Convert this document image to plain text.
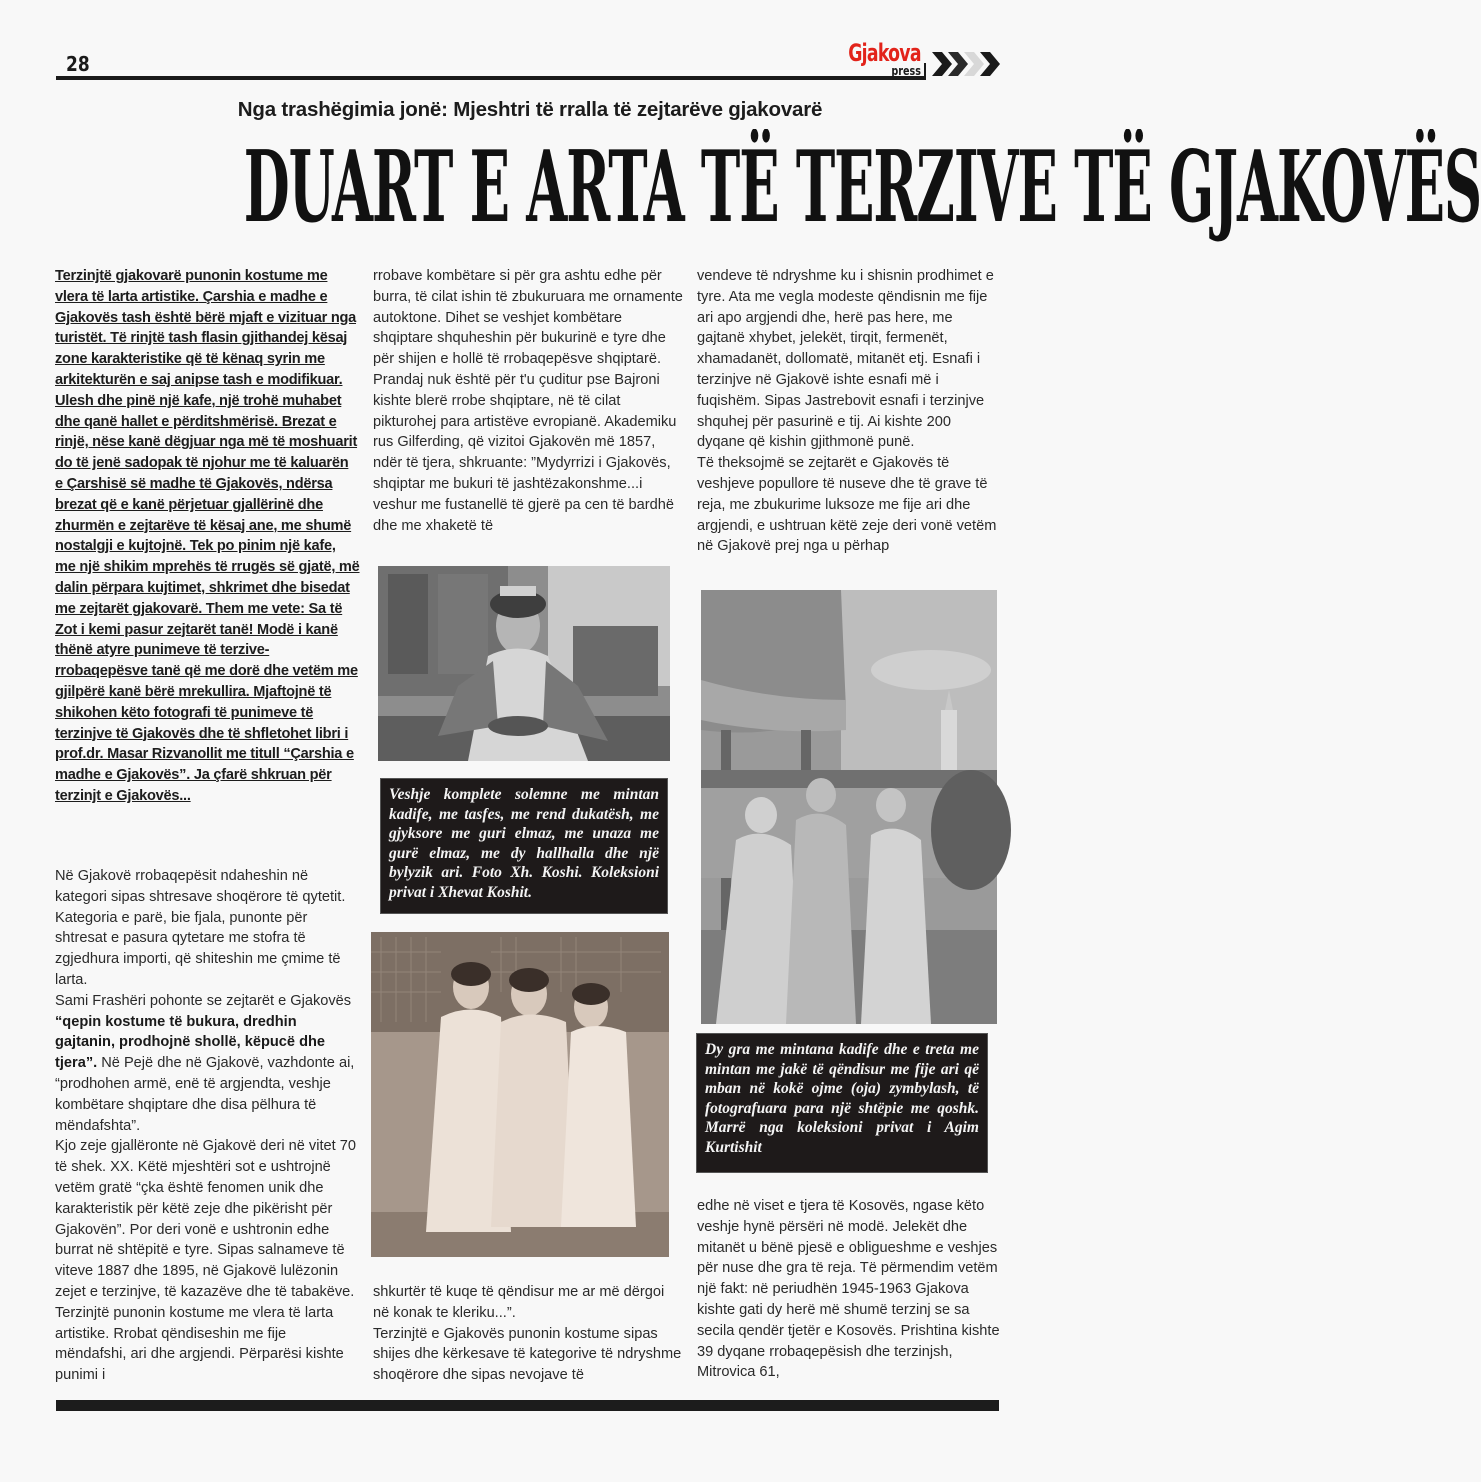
28	Gjakova
press
Nga trashëgimia jonë: Mjeshtri të rralla të zejtarëve gjakovarë
DUART E ARTA TË TERZIVE TË GJAKOVËS
Terzinjtë gjakovarë punonin kostume me vlera të larta artistike. Çarshia e madhe e Gjakovës tash është bërë mjaft e vizituar nga turistët. Të rinjtë tash flasin gjithandej kësaj zone karakteristike që të kënaq syrin me arkitekturën e saj anipse tash e modifikuar. Ulesh dhe pinë një kafe, një trohë muhabet dhe qanë hallet e përditshmërisë. Brezat e rinjë, nëse kanë dëgjuar nga më të moshuarit do të jenë sadopak të njohur me të kaluarën e Çarshisë së madhe të Gjakovës, ndërsa brezat që e kanë përjetuar gjallërinë dhe zhurmën e zejtarëve të kësaj ane, me shumë nostalgji e kujtojnë. Tek po pinim një kafe, me një shikim mprehës të rrugës së gjatë, më dalin përpara kujtimet, shkrimet dhe bisedat me zejtarët gjakovarë. Them me vete: Sa të Zot i kemi pasur zejtarët tanë! Modë i kanë thënë atyre punimeve të terzive-rrobaqepësve tanë që me dorë dhe vetëm me gjilpërë kanë bërë mrekullira. Mjaftojnë të shikohen këto fotografi të punimeve të terzinjve të Gjakovës dhe të shfletohet libri i prof.dr. Masar Rizvanollit me titull “Çarshia e madhe e Gjakovës”. Ja çfarë shkruan për terzinjt e Gjakovës...

Në Gjakovë rrobaqepësit ndaheshin në kategori sipas shtresave shoqërore të qytetit. Kategoria e parë, bie fjala, punonte për shtresat e pasura qytetare me stofra të zgjedhura importi, që shiteshin me çmime të larta.

Sami Frashëri pohonte se zejtarët e Gjakovës “qepin kostume të bukura, dredhin gajtanin, prodhojnë shollë, këpucë dhe tjera”. Në Pejë dhe në Gjakovë, vazhdonte ai, “prodhohen armë, enë të argjendta, veshje kombëtare shqiptare dhe disa pëlhura të mëndafshta”.

Kjo zeje gjallëronte në Gjakovë deri në vitet 70 të shek. XX. Këtë mjeshtëri sot e ushtrojnë vetëm gratë “çka është fenomen unik dhe karakteristik për këtë zeje dhe pikërisht për Gjakovën”. Por deri vonë e ushtronin edhe burrat në shtëpitë e tyre. Sipas salnameve të viteve 1887 dhe 1895, në Gjakovë lulëzonin zejet e terzinjve, të kazazëve dhe të tabakëve. Terzinjtë punonin kostume me vlera të larta artistike. Rrobat qëndiseshin me fije mëndafshi, ari dhe argjendi. Përparësi kishte punimi i

rrobave kombëtare si për gra ashtu edhe për burra, të cilat ishin të zbukuruara me ornamente autoktone. Dihet se veshjet kombëtare shqiptare shquheshin për bukurinë e tyre dhe për shijen e hollë të rrobaqepësve shqiptarë. Prandaj nuk është për t'u çuditur pse Bajroni kishte blerë rrobe shqiptare, në të cilat pikturohej para artistëve evropianë. Akademiku rus Gilferding, që vizitoi Gjakovën më 1857, ndër të tjera, shkruante: ”Mydyrrizi i Gjakovës, shqiptar me bukuri të jashtëzakonshme...i veshur me fustanellë të gjerë pa cen të bardhë dhe me xhaketë të

Veshje komplete solemne me mintan kadife, me tasfes, me rend dukatësh, me gjyksore me guri elmaz, me unaza me gurë elmaz, me dy hallhalla dhe një bylyzik ari. Foto Xh. Koshi. Koleksioni privat i Xhevat Koshit.

shkurtër të kuqe të qëndisur me ar më dërgoi në konak te kleriku...”.

Terzinjtë e Gjakovës punonin kostume sipas shijes dhe kërkesave të kategorive të ndryshme shoqërore dhe sipas nevojave të

vendeve të ndryshme ku i shisnin prodhimet e tyre. Ata me vegla modeste qëndisnin me fije ari apo argjendi dhe, herë pas here, me gajtanë xhybet, jelekët, tirqit, fermenët, xhamadanët, dollomatë, mitanët etj. Esnafi i terzinjve në Gjakovë ishte esnafi më i fuqishëm. Sipas Jastrebovit esnafi i terzinjve shquhej për pasurinë e tij. Ai kishte 200 dyqane që kishin gjithmonë punë.

Të theksojmë se zejtarët e Gjakovës të veshjeve popullore të nuseve dhe të grave të reja, me zbukurime luksoze me fije ari dhe argjendi, e ushtruan këtë zeje deri vonë vetëm në Gjakovë prej nga u përhap

Dy gra me mintana kadife dhe e treta me mintan me jakë të qëndisur me fije ari që mban në kokë ojme (oja) zymbylash, të fotografuara para një shtëpie me qoshk. Marrë nga koleksioni privat i Agim Kurtishit

edhe në viset e tjera të Kosovës, ngase këto veshje hynë përsëri në modë. Jelekët dhe mitanët u bënë pjesë e obligueshme e veshjes për nuse dhe gra të reja. Të përmendim vetëm një fakt: në periudhën 1945-1963 Gjakova kishte gati dy herë më shumë terzinj se sa secila qendër tjetër e Kosovës. Prishtina kishte 39 dyqane rrobaqepësish dhe terzinjsh, Mitrovica 61,
